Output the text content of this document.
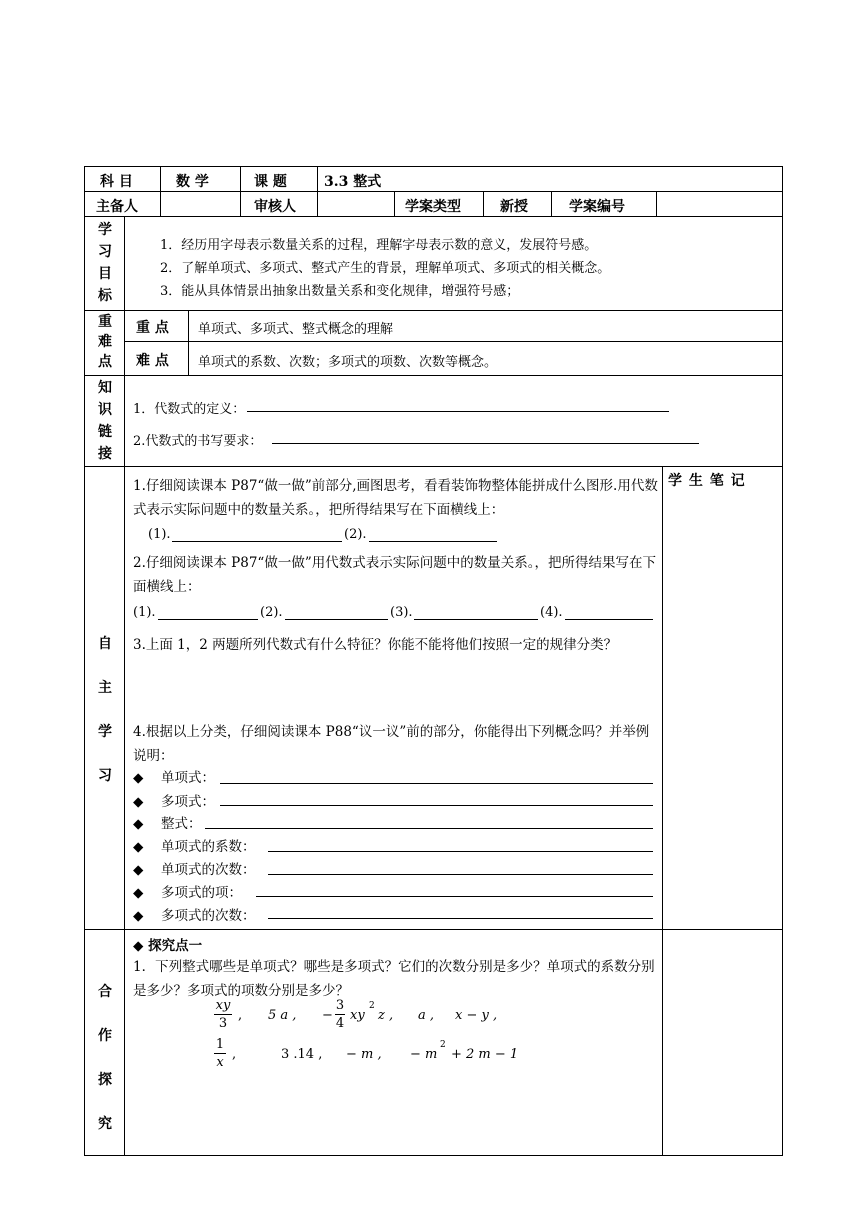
科 目	数 学	课 题	3.3 整式
主备人	审核人	学案类型	新授	学案编号
学
习
目
标
1．经历用字母表示数量关系的过程，理解字母表示数的意义，发展符号感。
2．了解单项式、多项式、整式产生的背景，理解单项式、多项式的相关概念。
3．能从具体情景出抽象出数量关系和变化规律，增强符号感；
重
难
点
重 点 单项式、多项式、整式概念的理解
难 点 单项式的系数、次数；多项式的项数、次数等概念。
知
识
链
接
1．代数式的定义：
2.代数式的书写要求：
自
主
学
习
学 生 笔 记
1.仔细阅读课本 P87“做一做”前部分,画图思考，看看装饰物整体能拼成什么图形.用代数式表示实际问题中的数量关系。，把所得结果写在下面横线上：
(1).	(2).
2.仔细阅读课本 P87“做一做”用代数式表示实际问题中的数量关系。，把所得结果写在下面横线上：
(1).	(2).	(3).	(4).
3.上面 1，2 两题所列代数式有什么特征？你能不能将他们按照一定的规律分类？
4.根据以上分类，仔细阅读课本 P88“议一议”前的部分，你能得出下列概念吗？并举例说明：
◆ 单项式：
◆ 多项式：
◆ 整式：
◆ 单项式的系数：
◆ 单项式的次数：
◆ 多项式的项：
◆ 多项式的次数：
合
作
探
究
◆ 探究点一
1．下列整式哪些是单项式？哪些是多项式？它们的次数分别是多少？单项式的系数分别是多少？多项式的项数分别是多少？
xy
3
, 5 a , −
3
4
xy
2
z , a , x − y ,
1
x
,	3 .14 , − m , − m
2
+ 2 m − 1
